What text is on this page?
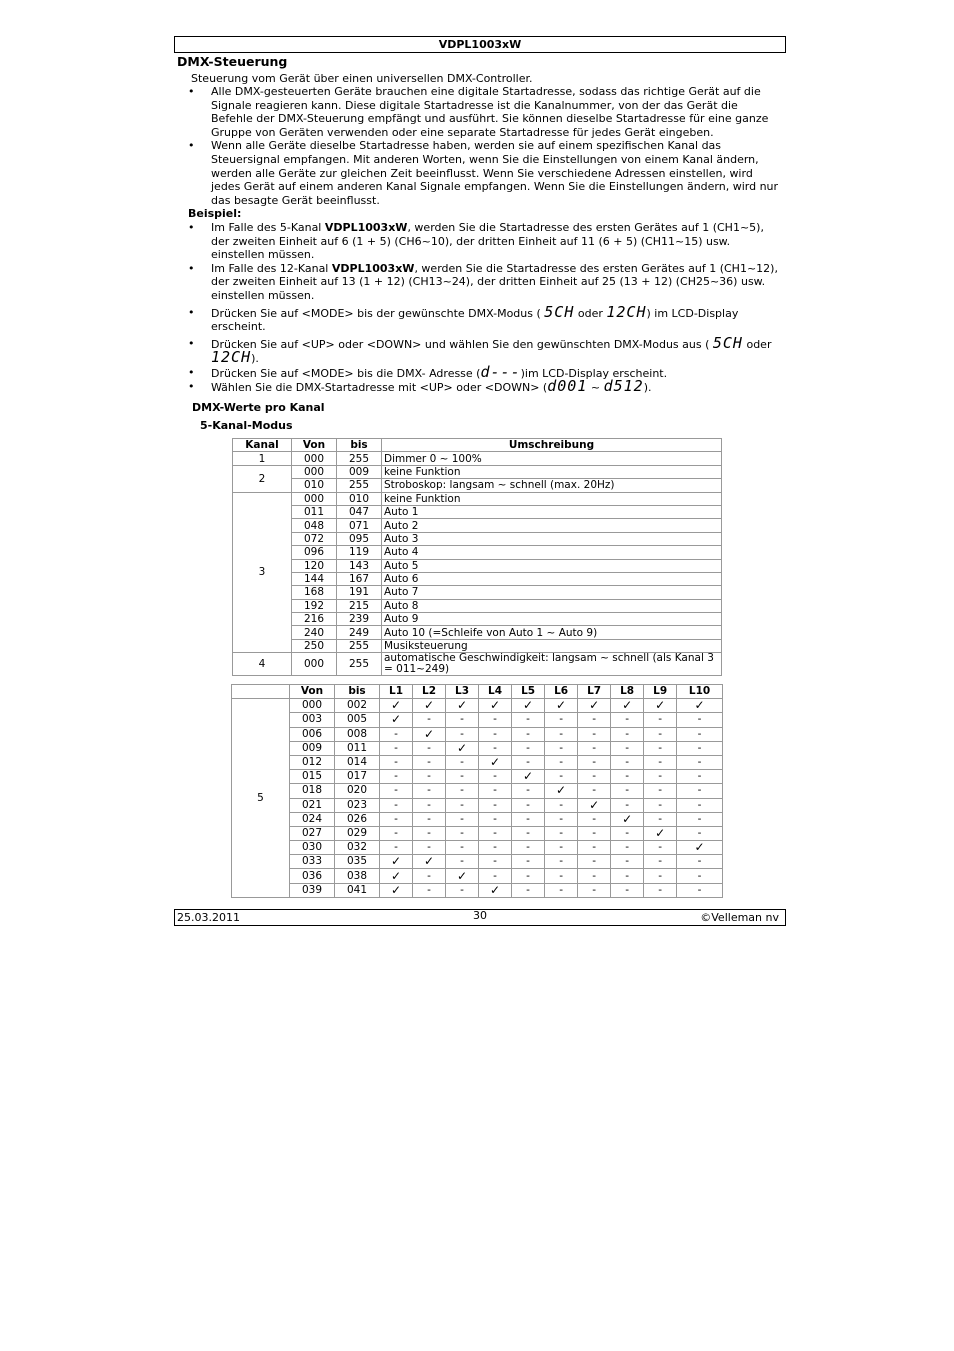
VDPL1003xW
DMX-Steuerung
Steuerung vom Gerät über einen universellen DMX-Controller.
• Alle DMX-gesteuerten Geräte brauchen eine digitale Startadresse, sodass das richtige Gerät auf die Signale reagieren kann. Diese digitale Startadresse ist die Kanalnummer, von der das Gerät die Befehle der DMX-Steuerung empfängt und ausführt. Sie können dieselbe Startadresse für eine ganze Gruppe von Geräten verwenden oder eine separate Startadresse für jedes Gerät eingeben.
• Wenn alle Geräte dieselbe Startadresse haben, werden sie auf einem spezifischen Kanal das Steuersignal empfangen. Mit anderen Worten, wenn Sie die Einstellungen von einem Kanal ändern, werden alle Geräte zur gleichen Zeit beeinflusst. Wenn Sie verschiedene Adressen einstellen, wird jedes Gerät auf einem anderen Kanal Signale empfangen. Wenn Sie die Einstellungen ändern, wird nur das besagte Gerät beeinflusst.
Beispiel:
• Im Falle des 5-Kanal VDPL1003xW, werden Sie die Startadresse des ersten Gerätes auf 1 (CH1~5), der zweiten Einheit auf 6 (1 + 5) (CH6~10), der dritten Einheit auf 11 (6 + 5) (CH11~15) usw. einstellen müssen.
• Im Falle des 12-Kanal VDPL1003xW, werden Sie die Startadresse des ersten Gerätes auf 1 (CH1~12), der zweiten Einheit auf 13 (1 + 12) (CH13~24), der dritten Einheit auf 25 (13 + 12) (CH25~36) usw. einstellen müssen.
• Drücken Sie auf <MODE> bis der gewünschte DMX-Modus ( 5CH oder 12CH) im LCD-Display erscheint.
• Drücken Sie auf <UP> oder <DOWN> und wählen Sie den gewünschten DMX-Modus aus ( 5CH oder 12CH).
• Drücken Sie auf <MODE> bis die DMX- Adresse (d---)im LCD-Display erscheint.
• Wählen Sie die DMX-Startadresse mit <UP> oder <DOWN> (d001 ~ d512).
DMX-Werte pro Kanal
5-Kanal-Modus
Kanal	Von	bis	Umschreibung
1	000	255	Dimmer 0 ~ 100%
2	000	009	keine Funktion
	010	255	Stroboskop: langsam ~ schnell (max. 20Hz)
3	000	010	keine Funktion
	011	047	Auto 1
	048	071	Auto 2
	072	095	Auto 3
	096	119	Auto 4
	120	143	Auto 5
	144	167	Auto 6
	168	191	Auto 7
	192	215	Auto 8
	216	239	Auto 9
	240	249	Auto 10 (=Schleife von Auto 1 ~ Auto 9)
	250	255	Musiksteuerung
4	000	255	automatische Geschwindigkeit: langsam ~ schnell (als Kanal 3 = 011~249)
	Von	bis	L1	L2	L3	L4	L5	L6	L7	L8	L9	L10
5	000	002	✓	✓	✓	✓	✓	✓	✓	✓	✓	✓
	003	005	✓	-	-	-	-	-	-	-	-	-
	006	008	-	✓	-	-	-	-	-	-	-	-
	009	011	-	-	✓	-	-	-	-	-	-	-
	012	014	-	-	-	✓	-	-	-	-	-	-
	015	017	-	-	-	-	✓	-	-	-	-	-
	018	020	-	-	-	-	-	✓	-	-	-	-
	021	023	-	-	-	-	-	-	✓	-	-	-
	024	026	-	-	-	-	-	-	-	✓	-	-
	027	029	-	-	-	-	-	-	-	-	✓	-
	030	032	-	-	-	-	-	-	-	-	-	✓
	033	035	✓	✓	-	-	-	-	-	-	-	-
	036	038	✓	-	✓	-	-	-	-	-	-	-
	039	041	✓	-	-	✓	-	-	-	-	-	-
25.03.2011	30	©Velleman nv
